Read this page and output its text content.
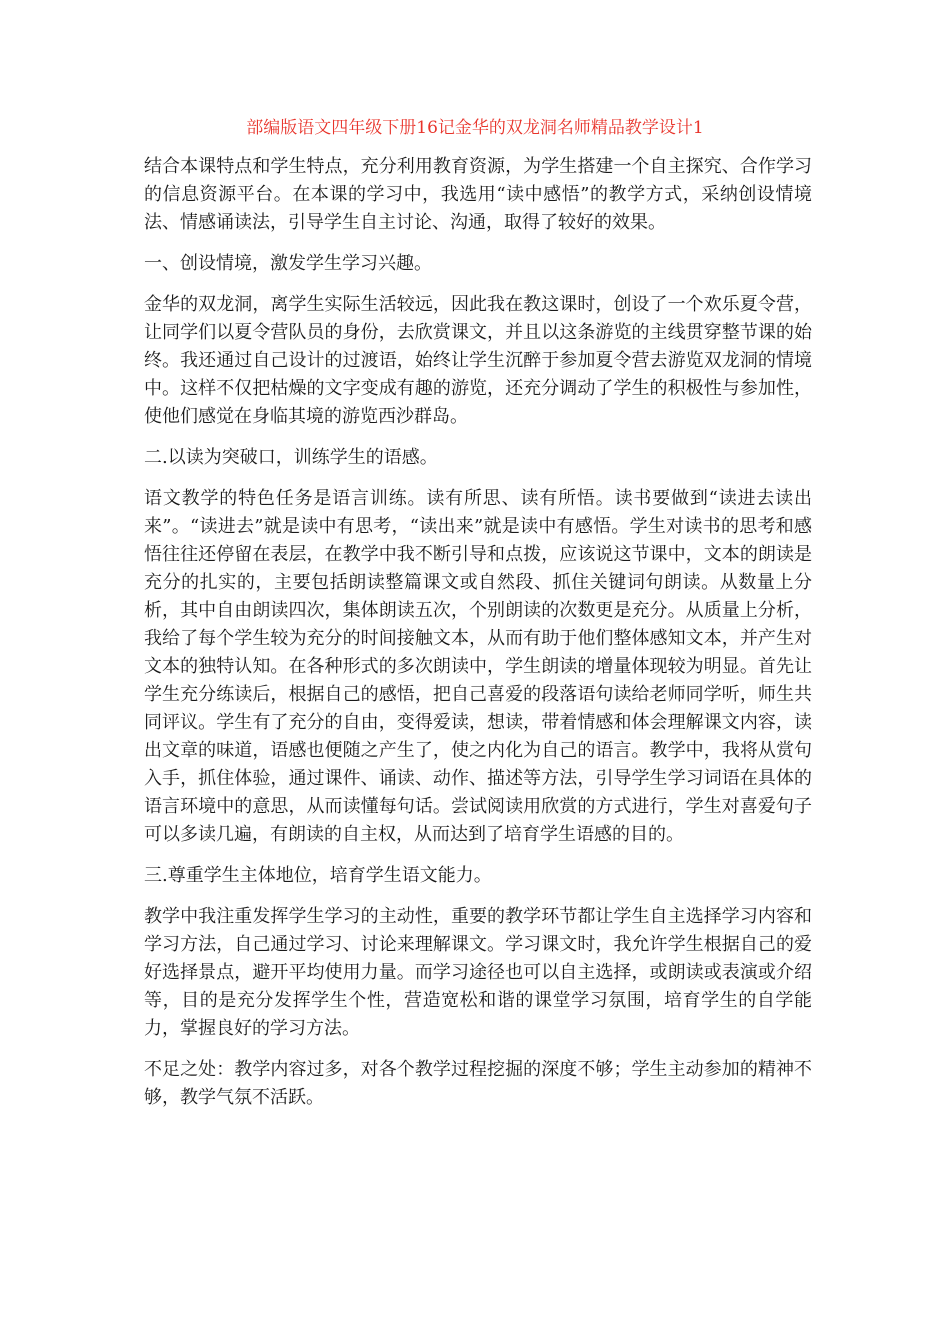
部编版语文四年级下册16记金华的双龙洞名师精品教学设计1

结合本课特点和学生特点，充分利用教育资源，为学生搭建一个自主探究、合作学习的信息资源平台。在本课的学习中，我选用“读中感悟”的教学方式，采纳创设情境法、情感诵读法，引导学生自主讨论、沟通，取得了较好的效果。

一、创设情境，激发学生学习兴趣。

金华的双龙洞，离学生实际生活较远，因此我在教这课时，创设了一个欢乐夏令营，让同学们以夏令营队员的身份，去欣赏课文，并且以这条游览的主线贯穿整节课的始终。我还通过自己设计的过渡语，始终让学生沉醉于参加夏令营去游览双龙洞的情境中。这样不仅把枯燥的文字变成有趣的游览，还充分调动了学生的积极性与参加性，使他们感觉在身临其境的游览西沙群岛。

二.以读为突破口，训练学生的语感。

语文教学的特色任务是语言训练。读有所思、读有所悟。读书要做到“读进去读出来”。“读进去”就是读中有思考，“读出来”就是读中有感悟。学生对读书的思考和感悟往往还停留在表层，在教学中我不断引导和点拨，应该说这节课中，文本的朗读是充分的扎实的，主要包括朗读整篇课文或自然段、抓住关键词句朗读。从数量上分析，其中自由朗读四次，集体朗读五次，个别朗读的次数更是充分。从质量上分析，我给了每个学生较为充分的时间接触文本，从而有助于他们整体感知文本，并产生对文本的独特认知。在各种形式的多次朗读中，学生朗读的增量体现较为明显。首先让学生充分练读后，根据自己的感悟，把自己喜爱的段落语句读给老师同学听，师生共同评议。学生有了充分的自由，变得爱读，想读，带着情感和体会理解课文内容，读出文章的味道，语感也便随之产生了，使之内化为自己的语言。教学中，我将从赏句入手，抓住体验，通过课件、诵读、动作、描述等方法，引导学生学习词语在具体的语言环境中的意思，从而读懂每句话。尝试阅读用欣赏的方式进行，学生对喜爱句子可以多读几遍，有朗读的自主权，从而达到了培育学生语感的目的。

三.尊重学生主体地位，培育学生语文能力。

教学中我注重发挥学生学习的主动性，重要的教学环节都让学生自主选择学习内容和学习方法，自己通过学习、讨论来理解课文。学习课文时，我允许学生根据自己的爱好选择景点，避开平均使用力量。而学习途径也可以自主选择，或朗读或表演或介绍等，目的是充分发挥学生个性，营造宽松和谐的课堂学习氛围，培育学生的自学能力，掌握良好的学习方法。

不足之处：教学内容过多，对各个教学过程挖掘的深度不够；学生主动参加的精神不够，教学气氛不活跃。
